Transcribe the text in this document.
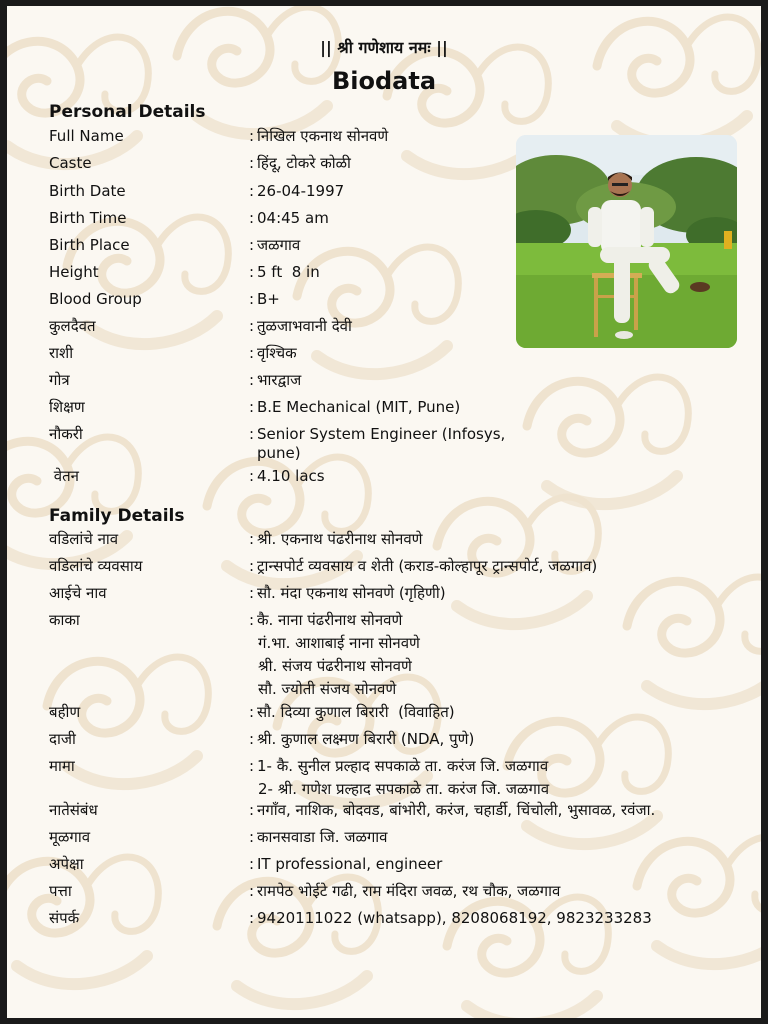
|| श्री गणेशाय नमः ||

Biodata

Personal Details

Full Name	: निखिल एकनाथ सोनवणे

Caste	: हिंदू, टोकरे कोळी

Birth Date	: 26-04-1997

Birth Time	: 04:45 am

Birth Place	: जळगाव

Height	: 5 ft  8 in

Blood Group	: B+

कुलदैवत	: तुळजाभवानी देवी

राशी	: वृश्चिक

गोत्र	: भारद्वाज

शिक्षण	: B.E Mechanical (MIT, Pune)

नौकरी	: Senior System Engineer (Infosys,

pune)

वेतन	: 4.10 lacs

Family Details

वडिलांचे नाव	: श्री. एकनाथ पंढरीनाथ सोनवणे

वडिलांचे व्यवसाय	: ट्रान्सपोर्ट व्यवसाय व शेती (कराड-कोल्हापूर ट्रान्सपोर्ट, जळगाव)

आईचे नाव	: सौ. मंदा एकनाथ सोनवणे (गृहिणी)

काका	: कै. नाना पंढरीनाथ सोनवणे

गं.भा. आशाबाई नाना सोनवणे

श्री. संजय पंढरीनाथ सोनवणे

सौ. ज्योती संजय सोनवणे

बहीण	: सौ. दिव्या कुणाल बिरारी  (विवाहित)

दाजी	: श्री. कुणाल लक्ष्मण बिरारी (NDA, पुणे)

मामा	: 1- कै. सुनील प्रल्हाद सपकाळे ता. करंज जि. जळगाव

2- श्री. गणेश प्रल्हाद सपकाळे ता. करंज जि. जळगाव

नातेसंबंध	: नगाँव, नाशिक, बोदवड, बांभोरी, करंज, चहार्डी, चिंचोली, भुसावळ, रवंजा.

मूळगाव	: कानसवाडा जि. जळगाव

अपेक्षा	: IT professional, engineer

पत्ता	: रामपेठ भोईटे गढी, राम मंदिरा जवळ, रथ चौक, जळगाव

संपर्क	: 9420111022 (whatsapp), 8208068192, 9823233283
